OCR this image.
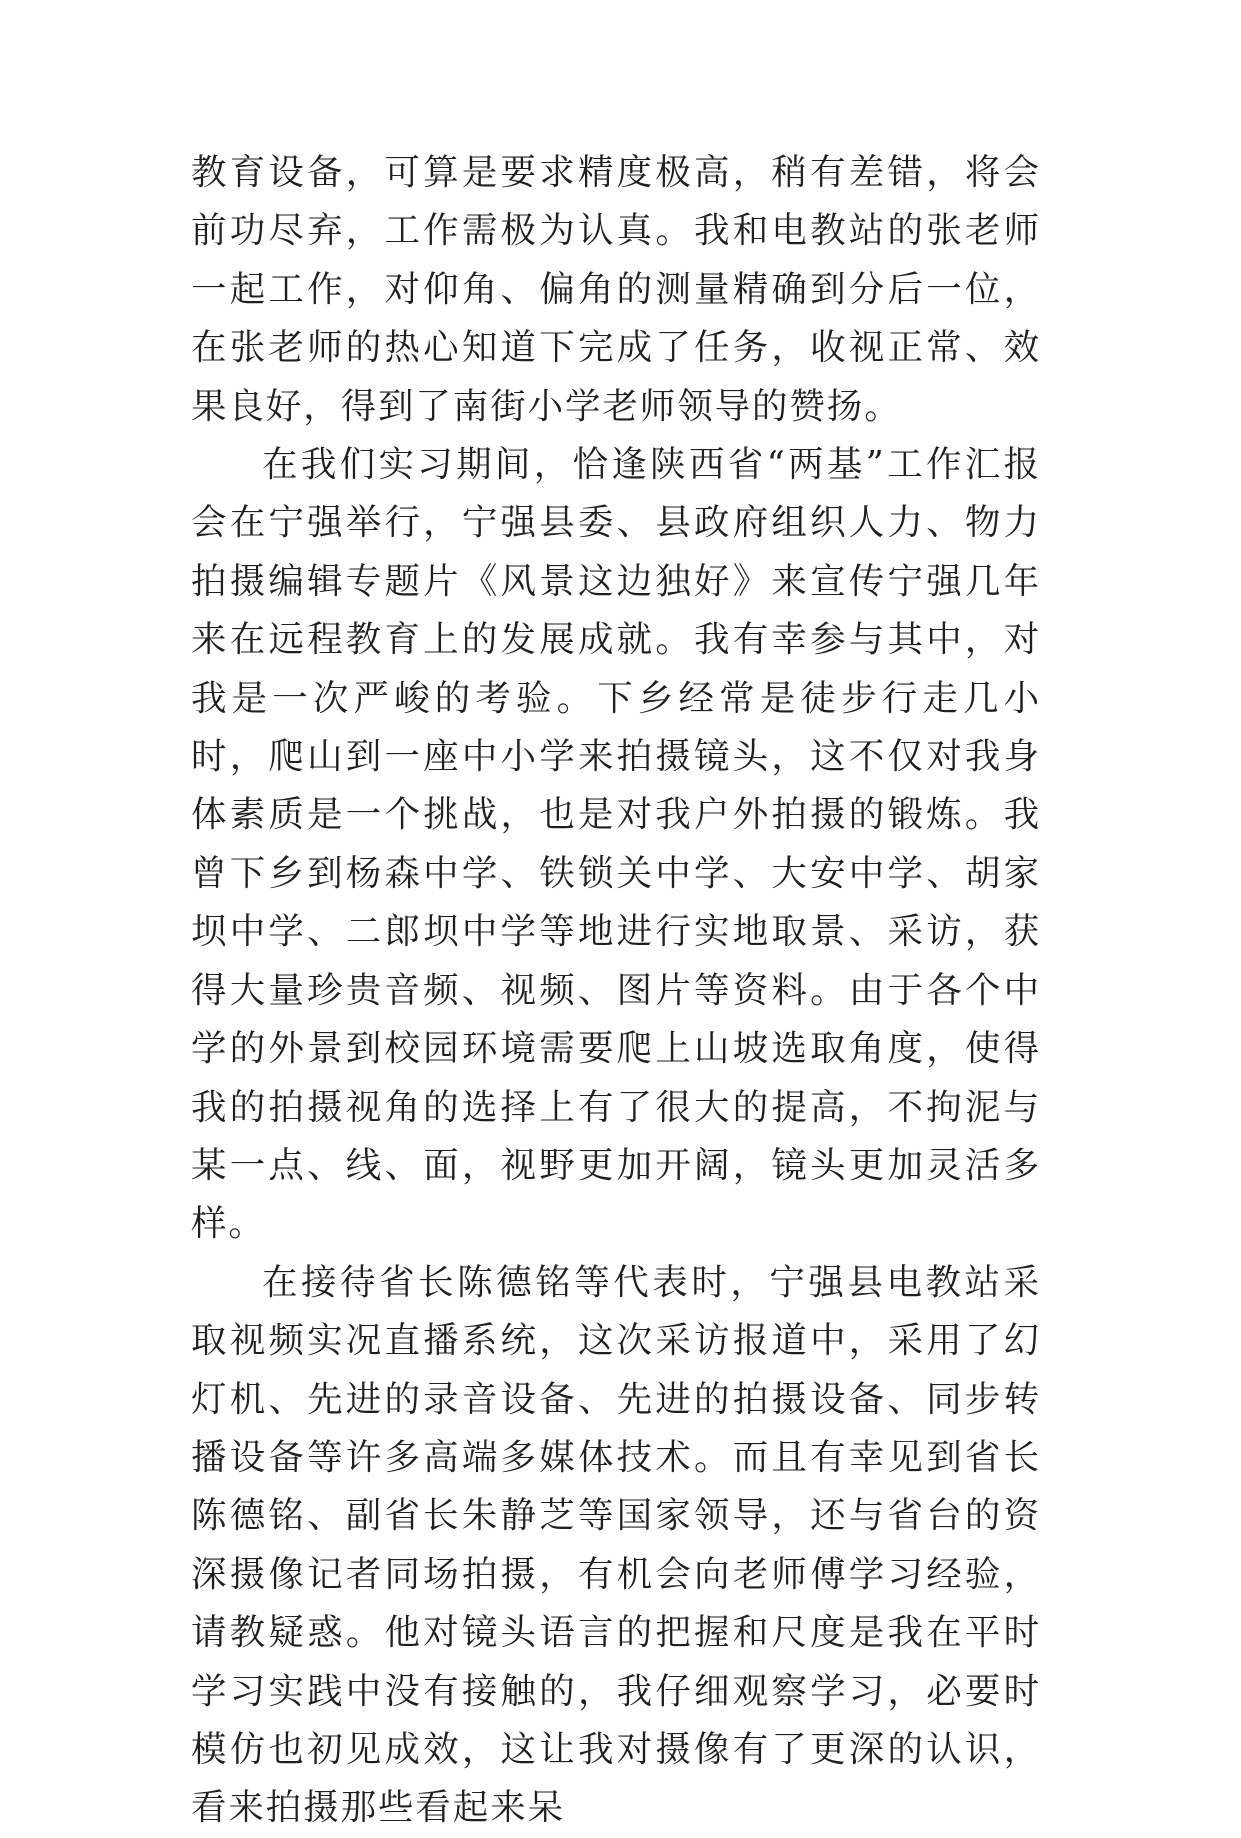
教育设备，可算是要求精度极高，稍有差错，将会前功尽弃，工作需极为认真。我和电教站的张老师一起工作，对仰角、偏角的测量精确到分后一位，在张老师的热心知道下完成了任务，收视正常、效果良好，得到了南街小学老师领导的赞扬。

在我们实习期间，恰逢陕西省“两基”工作汇报会在宁强举行，宁强县委、县政府组织人力、物力拍摄编辑专题片《风景这边独好》来宣传宁强几年来在远程教育上的发展成就。我有幸参与其中，对我是一次严峻的考验。下乡经常是徒步行走几小时，爬山到一座中小学来拍摄镜头，这不仅对我身体素质是一个挑战，也是对我户外拍摄的锻炼。我曾下乡到杨森中学、铁锁关中学、大安中学、胡家坝中学、二郎坝中学等地进行实地取景、采访，获得大量珍贵音频、视频、图片等资料。由于各个中学的外景到校园环境需要爬上山坡选取角度，使得我的拍摄视角的选择上有了很大的提高，不拘泥与某一点、线、面，视野更加开阔，镜头更加灵活多样。

在接待省长陈德铭等代表时，宁强县电教站采取视频实况直播系统，这次采访报道中，采用了幻灯机、先进的录音设备、先进的拍摄设备、同步转播设备等许多高端多媒体技术。而且有幸见到省长陈德铭、副省长朱静芝等国家领导，还与省台的资深摄像记者同场拍摄，有机会向老师傅学习经验，请教疑惑。他对镜头语言的把握和尺度是我在平时学习实践中没有接触的，我仔细观察学习，必要时模仿也初见成效，这让我对摄像有了更深的认识，看来拍摄那些看起来呆
